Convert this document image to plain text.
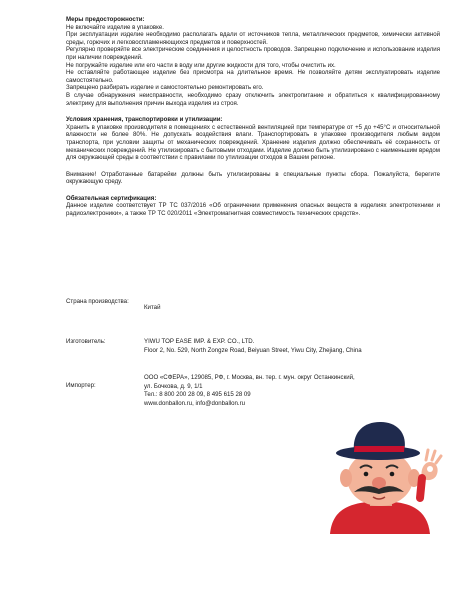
Меры предосторожности:

Не включайте изделие в упаковке.

При эксплуатации изделие необходимо располагать вдали от источников тепла, металлических предметов, химически активной среды, горючих и легковоспламеняющихся предметов и поверхностей.

Регулярно проверяйте все электрические соединения и целостность проводов. Запрещено подключение и использование изделия при наличии повреждений.

Не погружайте изделие или его части в воду или другие жидкости для того, чтобы очистить их.

Не оставляйте работающее изделие без присмотра на длительное время. Не позволяйте детям эксплуатировать изделие самостоятельно.

Запрещено разбирать изделие и самостоятельно ремонтировать его.

В случае обнаружения неисправности, необходимо сразу отключить электропитание и обратиться к квалифицированному электрику для выполнения причин выхода изделия из строя.

Условия хранения, транспортировки и утилизации:

Хранить в упаковке производителя в помещениях с естественной вентиляцией при температуре от +5 до +45°С и относительной влажности не более 80%. Не допускать воздействия влаги. Транспортировать в упаковке производителя любым видом транспорта, при условии защиты от механических повреждений. Хранение изделия должно обеспечивать её сохранность от механических повреждений. Не утилизировать с бытовыми отходами. Изделие должно быть утилизировано с наименьшим вредом для окружающей среды в соответствии с правилами по утилизации отходов в Вашем регионе.

Внимание! Отработанные батарейки должны быть утилизированы в специальные пункты сбора. Пожалуйста, берегите окружающую среду.

Обязательная сертификация:

Данное изделие соответствует ТР ТС 037/2016 «Об ограничении применения опасных веществ в изделиях электротехники и радиоэлектроники», а также ТР ТС 020/2011 «Электромагнитная совместимость технических средств».

Страна производства:
Китай
Изготовитель:	YIWU TOP EASE IMP. & EXP. CO., LTD.
Floor 2, No. 529, North Zongze Road, Beiyuan Street, Yiwu City, Zhejiang, China
Импортер:
ООО «СФЕРА», 129085, РФ, г. Москва, вн. тер. г. мун. округ Останкинский,
ул. Бочкова, д. 9, 1/1
Тел.: 8 800 200 28 09, 8 495 615 28 09
www.donballon.ru, info@donballon.ru
